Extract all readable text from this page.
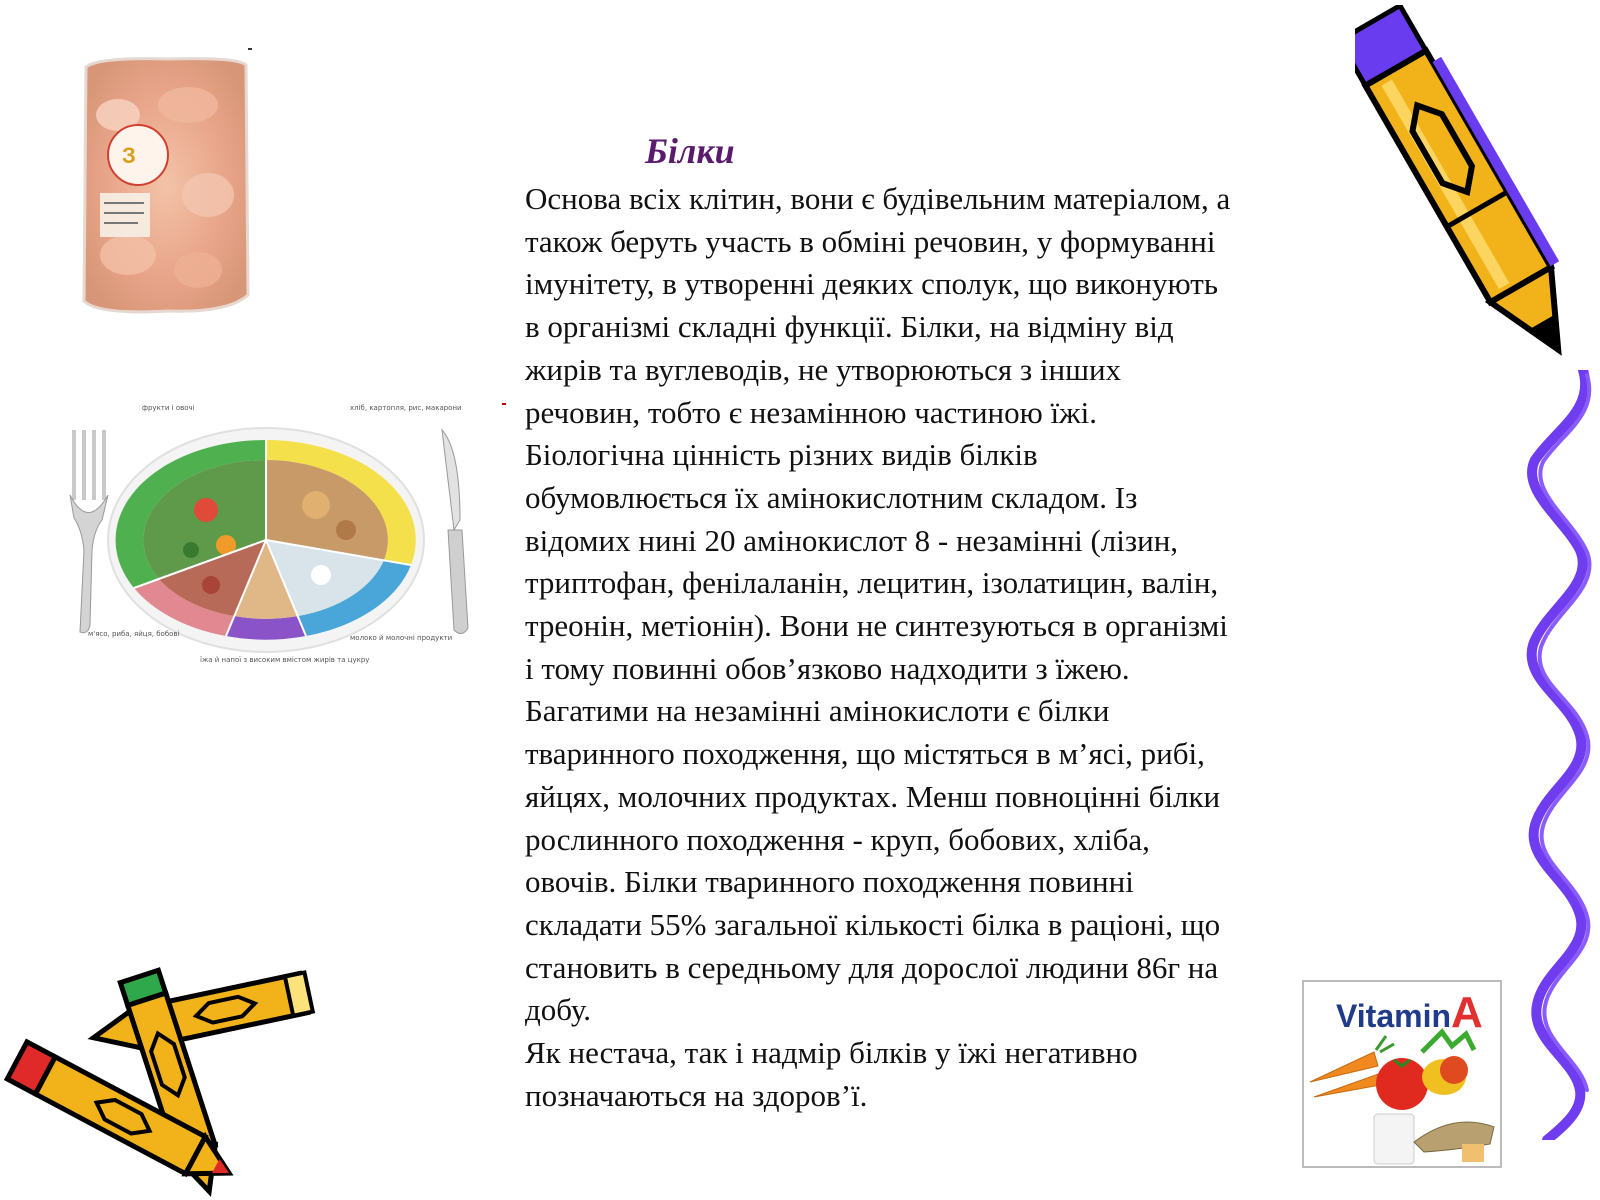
З
фрукти і овочі	хліб, картопля, рис, макарони
м'ясо, риба, яйця, бобові
їжа й напої з високим вмістом жирів та цукру
молоко й молочні продукти
Білки
Основа всіх клітин, вони є будівельним матеріалом, а
також беруть участь в обміні речовин, у формуванні
імунітету, в утворенні деяких сполук, що виконують
в організмі складні функції. Білки, на відміну від
жирів та вуглеводів, не утворюються з інших
речовин, тобто є незамінною частиною їжі.
Біологічна цінність різних видів білків
обумовлюється їх амінокислотним складом. Із
відомих нині 20 амінокислот 8 - незамінні (лізин,
триптофан, фенілаланін, лецитин, ізолатицин, валін,
треонін, метіонін). Вони не синтезуються в організмі
і тому повинні обов’язково надходити з їжею.
Багатими на незамінні амінокислоти є білки
тваринного походження, що містяться в м’ясі, рибі,
яйцях, молочних продуктах. Менш повноцінні білки
рослинного походження - круп, бобових, хліба,
овочів. Білки тваринного походження повинні
складати 55% загальної кількості білка в раціоні, що
становить в середньому для дорослої людини 86г на
добу.
Як нестача, так і надмір білків у їжі негативно
позначаються на здоров’ї.
VitaminA
